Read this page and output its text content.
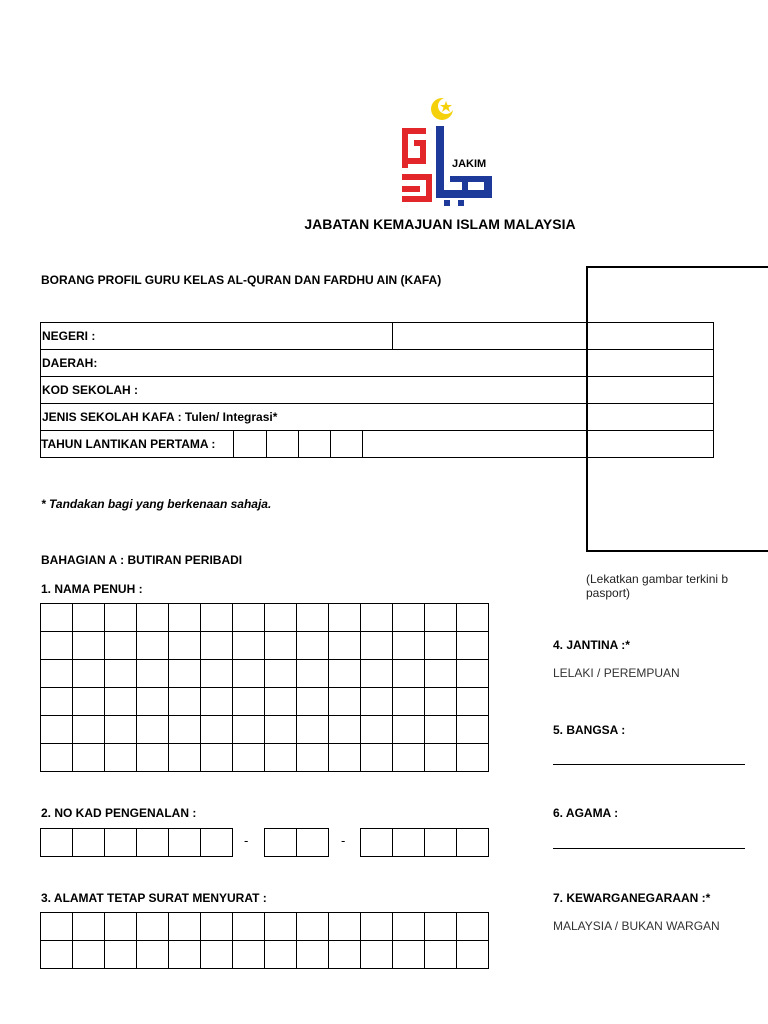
JAKIM
JABATAN KEMAJUAN ISLAM MALAYSIA
BORANG PROFIL GURU KELAS AL-QURAN DAN FARDHU AIN (KAFA)
NEGERI :

DAERAH:
KOD SEKOLAH :
JENIS SEKOLAH KAFA : Tulen/ Integrasi*

TAHUN LANTIKAN PERTAMA :
* Tandakan bagi yang berkenaan sahaja.
(Lekatkan gambar terkini b
pasport)
BAHAGIAN A : BUTIRAN PERIBADI
1. NAMA PENUH :

2. NO KAD PENGENALAN :

-
		-

3. ALAMAT TETAP SURAT MENYURAT :

4. JANTINA :*
LELAKI / PEREMPUAN
5. BANGSA :
6. AGAMA :
7. KEWARGANEGARAAN :*
MALAYSIA / BUKAN WARGAN
